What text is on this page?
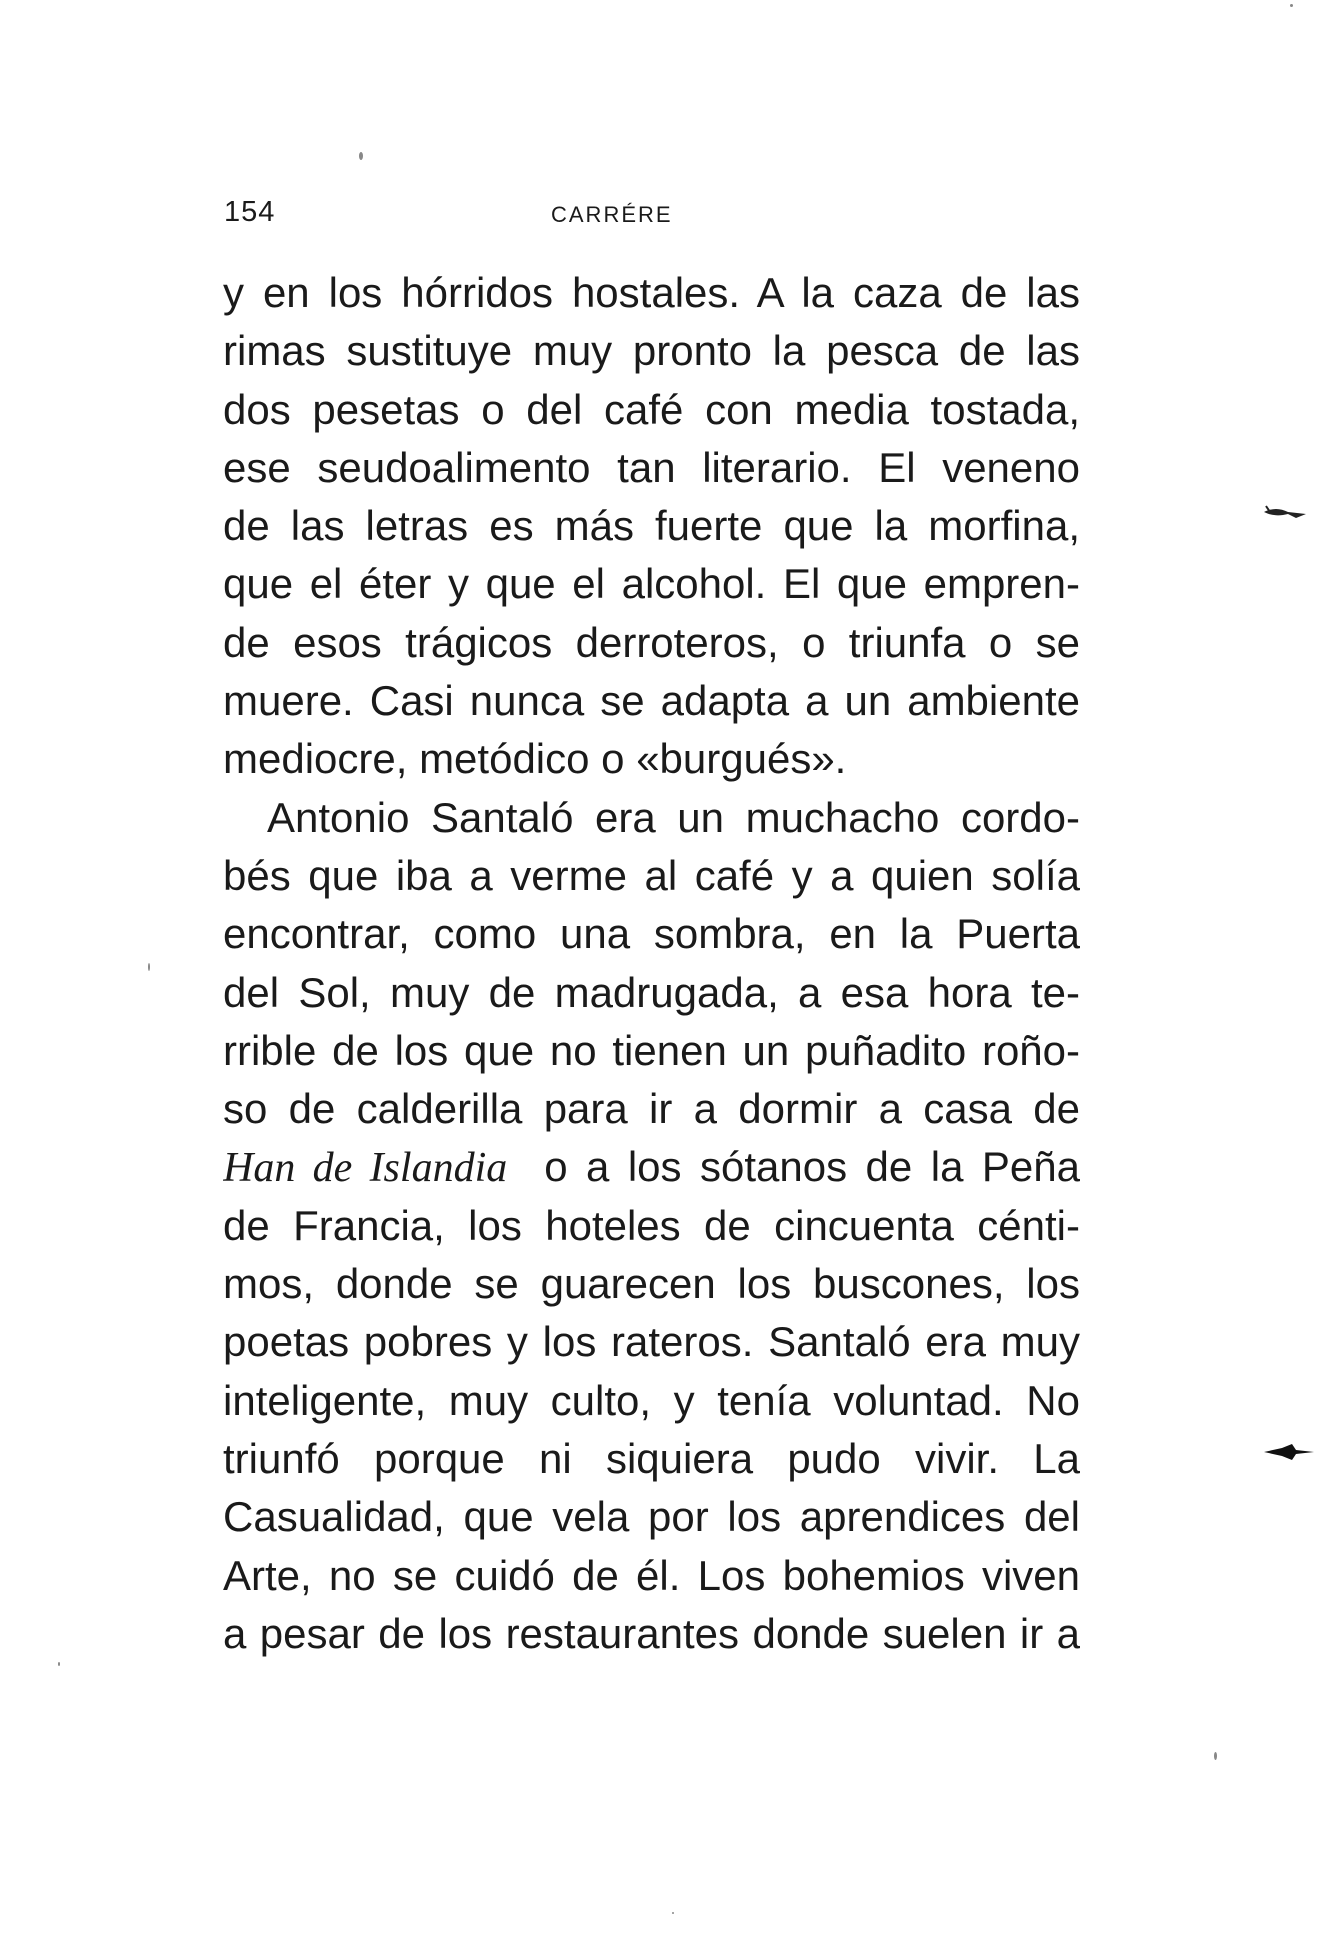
154	CARRÉRE
y en los hórridos hostales. A la caza de las
rimas sustituye muy pronto la pesca de las
dos pesetas o del café con media tostada,
ese seudoalimento tan literario. El veneno
de las letras es más fuerte que la morfina,
que el éter y que el alcohol. El que empren-
de esos trágicos derroteros, o triunfa o se
muere. Casi nunca se adapta a un ambiente
mediocre, metódico o «burgués».
Antonio Santaló era un muchacho cordo-
bés que iba a verme al café y a quien solía
encontrar, como una sombra, en la Puerta
del Sol, muy de madrugada, a esa hora te-
rrible de los que no tienen un puñadito roño-
so de calderilla para ir a dormir a casa de
Han de Islandia o a los sótanos de la Peña
de Francia, los hoteles de cincuenta cénti-
mos, donde se guarecen los buscones, los
poetas pobres y los rateros. Santaló era muy
inteligente, muy culto, y tenía voluntad. No
triunfó porque ni siquiera pudo vivir. La
Casualidad, que vela por los aprendices del
Arte, no se cuidó de él. Los bohemios viven
a pesar de los restaurantes donde suelen ir a
